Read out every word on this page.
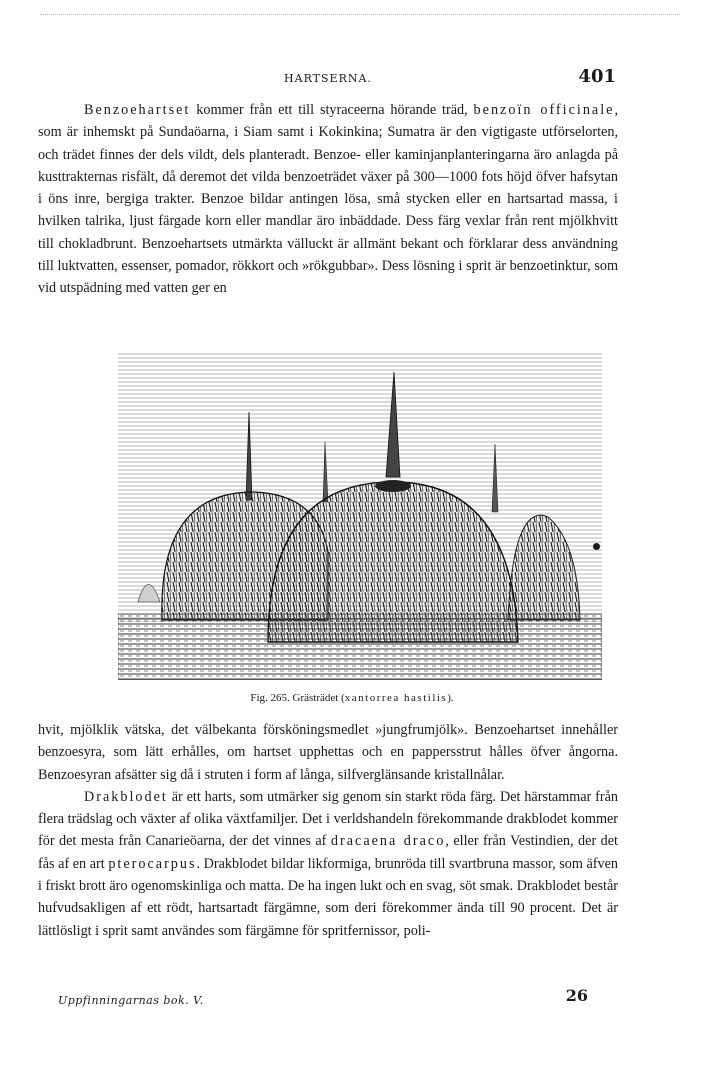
HARTSERNA.	401

Benzoehartset kommer från ett till styraceerna hörande träd, benzoïn officinale, som är inhemskt på Sundaöarna, i Siam samt i Kokinkina; Sumatra är den vigtigaste utförselorten, och trädet finnes der dels vildt, dels planteradt. Benzoe- eller kaminjanplanteringarna äro anlagda på kusttrakternas risfält, då deremot det vilda benzoeträdet växer på 300—1000 fots höjd öfver hafsytan i öns inre, bergiga trakter. Benzoe bildar antingen lösa, små stycken eller en hartsartad massa, i hvilken talrika, ljust färgade korn eller mandlar äro inbäddade. Dess färg vexlar från rent mjölkhvitt till chokladbrunt. Benzoehartsets utmärkta välluckt är allmänt bekant och förklarar dess användning till luktvatten, essenser, pomador, rökkort och »rökgubbar». Dess lösning i sprit är benzoetinktur, som vid utspädning med vatten ger en

Fig. 265. Grästrädet (xantorrea hastilis).

hvit, mjölklik vätska, det välbekanta försköningsmedlet »jungfrumjölk». Benzoehartset innehåller benzoesyra, som lätt erhålles, om hartset upphettas och en pappersstrut hålles öfver ångorna. Benzoesyran afsätter sig då i struten i form af långa, silfverglänsande kristallnålar.

Drakblodet är ett harts, som utmärker sig genom sin starkt röda färg. Det härstammar från flera trädslag och växter af olika växtfamiljer. Det i verldshandeln förekommande drakblodet kommer för det mesta från Canarieöarna, der det vinnes af dracaena draco, eller från Vestindien, der det fås af en art pterocarpus. Drakblodet bildar likformiga, brunröda till svartbruna massor, som äfven i friskt brott äro ogenomskinliga och matta. De ha ingen lukt och en svag, söt smak. Drakblodet består hufvudsakligen af ett rödt, hartsartadt färgämne, som deri förekommer ända till 90 procent. Det är lättlösligt i sprit samt användes som färgämne för spritfernissor, poli-

Uppfinningarnas bok. V.	26
